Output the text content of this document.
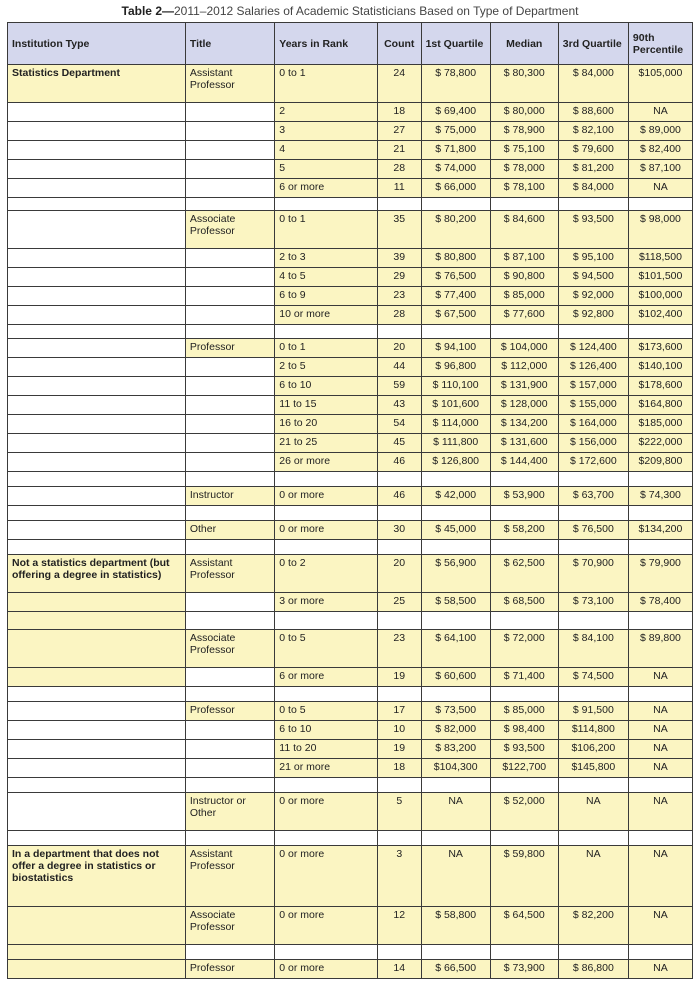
Table 2—2011–2012 Salaries of Academic Statisticians Based on Type of Department
Institution Type	Title	Years in Rank	Count	1st Quartile	Median	3rd Quartile	90th Percentile
Statistics Department	Assistant Professor	0 to 1	24	$ 78,800	$ 80,300	$ 84,000	$105,000
		2	18	$ 69,400	$ 80,000	$ 88,600	NA
		3	27	$ 75,000	$ 78,900	$ 82,100	$ 89,000
		4	21	$ 71,800	$ 75,100	$ 79,600	$ 82,400
		5	28	$ 74,000	$ 78,000	$ 81,200	$ 87,100
		6 or more	11	$ 66,000	$ 78,100	$ 84,000	NA

	Associate Professor	0 to 1	35	$ 80,200	$ 84,600	$ 93,500	$ 98,000
		2 to 3	39	$ 80,800	$ 87,100	$ 95,100	$118,500
		4 to 5	29	$ 76,500	$ 90,800	$ 94,500	$101,500
		6 to 9	23	$ 77,400	$ 85,000	$ 92,000	$100,000
		10 or more	28	$ 67,500	$ 77,600	$ 92,800	$102,400

	Professor	0 to 1	20	$ 94,100	$ 104,000	$ 124,400	$173,600
		2 to 5	44	$ 96,800	$ 112,000	$ 126,400	$140,100
		6 to 10	59	$ 110,100	$ 131,900	$ 157,000	$178,600
		11 to 15	43	$ 101,600	$ 128,000	$ 155,000	$164,800
		16 to 20	54	$ 114,000	$ 134,200	$ 164,000	$185,000
		21 to 25	45	$ 111,800	$ 131,600	$ 156,000	$222,000
		26 or more	46	$ 126,800	$ 144,400	$ 172,600	$209,800

	Instructor	0 or more	46	$ 42,000	$ 53,900	$ 63,700	$ 74,300

	Other	0 or more	30	$ 45,000	$ 58,200	$ 76,500	$134,200

Not a statistics department (but offering a degree in statistics)	Assistant Professor	0 to 2	20	$ 56,900	$ 62,500	$ 70,900	$ 79,900
		3 or more	25	$ 58,500	$ 68,500	$ 73,100	$ 78,400

	Associate Professor	0 to 5	23	$ 64,100	$ 72,000	$ 84,100	$ 89,800
		6 or more	19	$ 60,600	$ 71,400	$ 74,500	NA

	Professor	0 to 5	17	$ 73,500	$ 85,000	$ 91,500	NA
		6 to 10	10	$ 82,000	$ 98,400	$114,800	NA
		11 to 20	19	$ 83,200	$ 93,500	$106,200	NA
		21 or more	18	$104,300	$122,700	$145,800	NA

	Instructor or Other	0 or more	5	NA	$ 52,000	NA	NA

In a department that does not offer a degree in statistics or biostatistics	Assistant Professor	0 or more	3	NA	$ 59,800	NA	NA
	Associate Professor	0 or more	12	$ 58,800	$ 64,500	$ 82,200	NA

	Professor	0 or more	14	$ 66,500	$ 73,900	$ 86,800	NA
